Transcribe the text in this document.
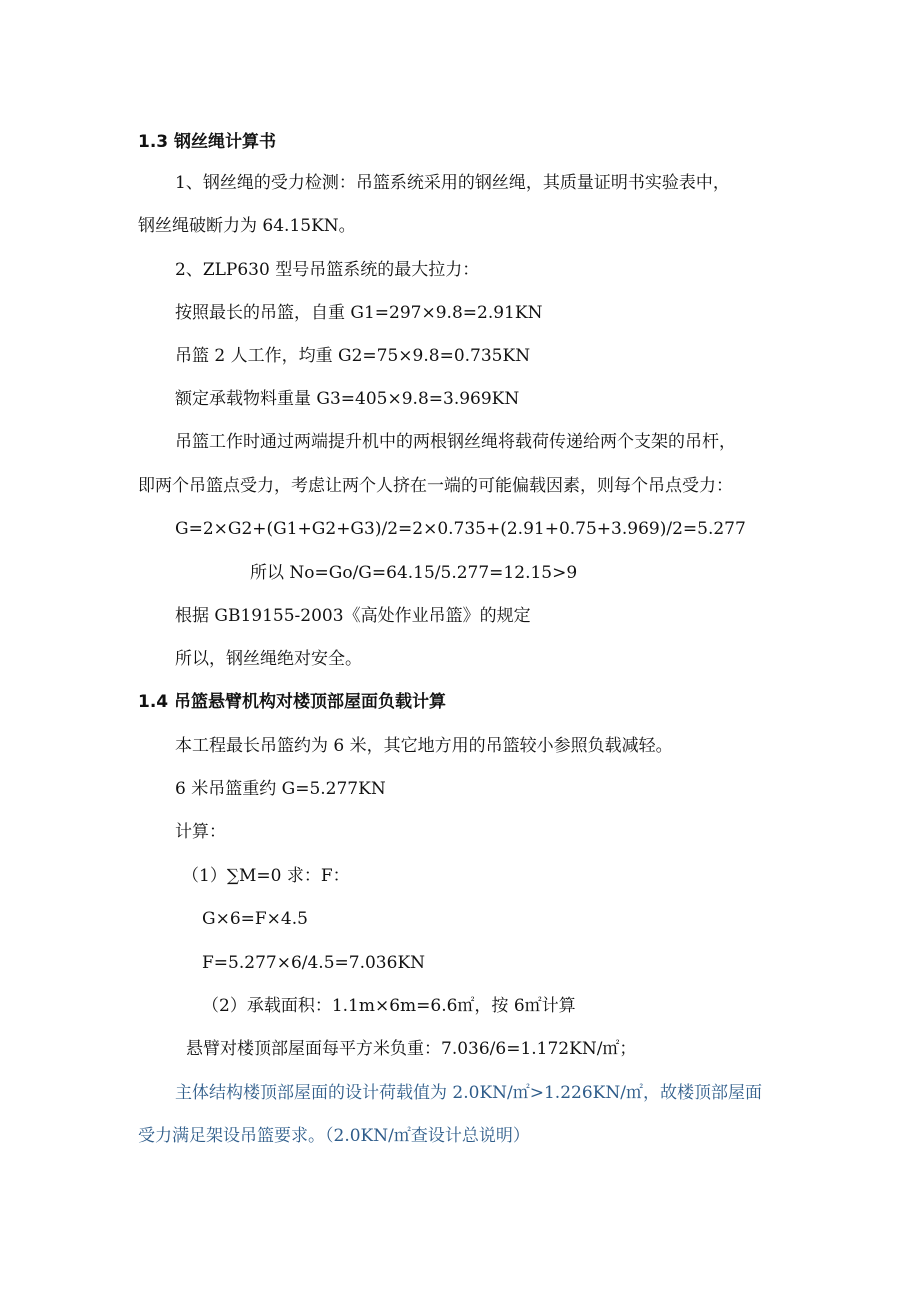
1.3 钢丝绳计算书
1、钢丝绳的受力检测：吊篮系统采用的钢丝绳，其质量证明书实验表中，
钢丝绳破断力为 64.15KN。
2、ZLP630 型号吊篮系统的最大拉力：
按照最长的吊篮，自重 G1=297×9.8=2.91KN
吊篮 2 人工作，均重 G2=75×9.8=0.735KN
额定承载物料重量 G3=405×9.8=3.969KN
吊篮工作时通过两端提升机中的两根钢丝绳将载荷传递给两个支架的吊杆，
即两个吊篮点受力，考虑让两个人挤在一端的可能偏载因素，则每个吊点受力：
G=2×G2+(G1+G2+G3)/2=2×0.735+(2.91+0.75+3.969)/2=5.277
所以 No=Go/G=64.15/5.277=12.15>9
根据 GB19155-2003《高处作业吊篮》的规定
所以，钢丝绳绝对安全。
1.4 吊篮悬臂机构对楼顶部屋面负载计算
本工程最长吊篮约为 6 米，其它地方用的吊篮较小参照负载减轻。
6 米吊篮重约 G=5.277KN
计算：
（1）∑M=0 求：F：
G×6=F×4.5
F=5.277×6/4.5=7.036KN
（2）承载面积：1.1m×6m=6.6㎡，按 6㎡计算
悬臂对楼顶部屋面每平方米负重：7.036/6=1.172KN/㎡；
主体结构楼顶部屋面的设计荷载值为 2.0KN/㎡>1.226KN/㎡，故楼顶部屋面
受力满足架设吊篮要求。（2.0KN/㎡查设计总说明）
